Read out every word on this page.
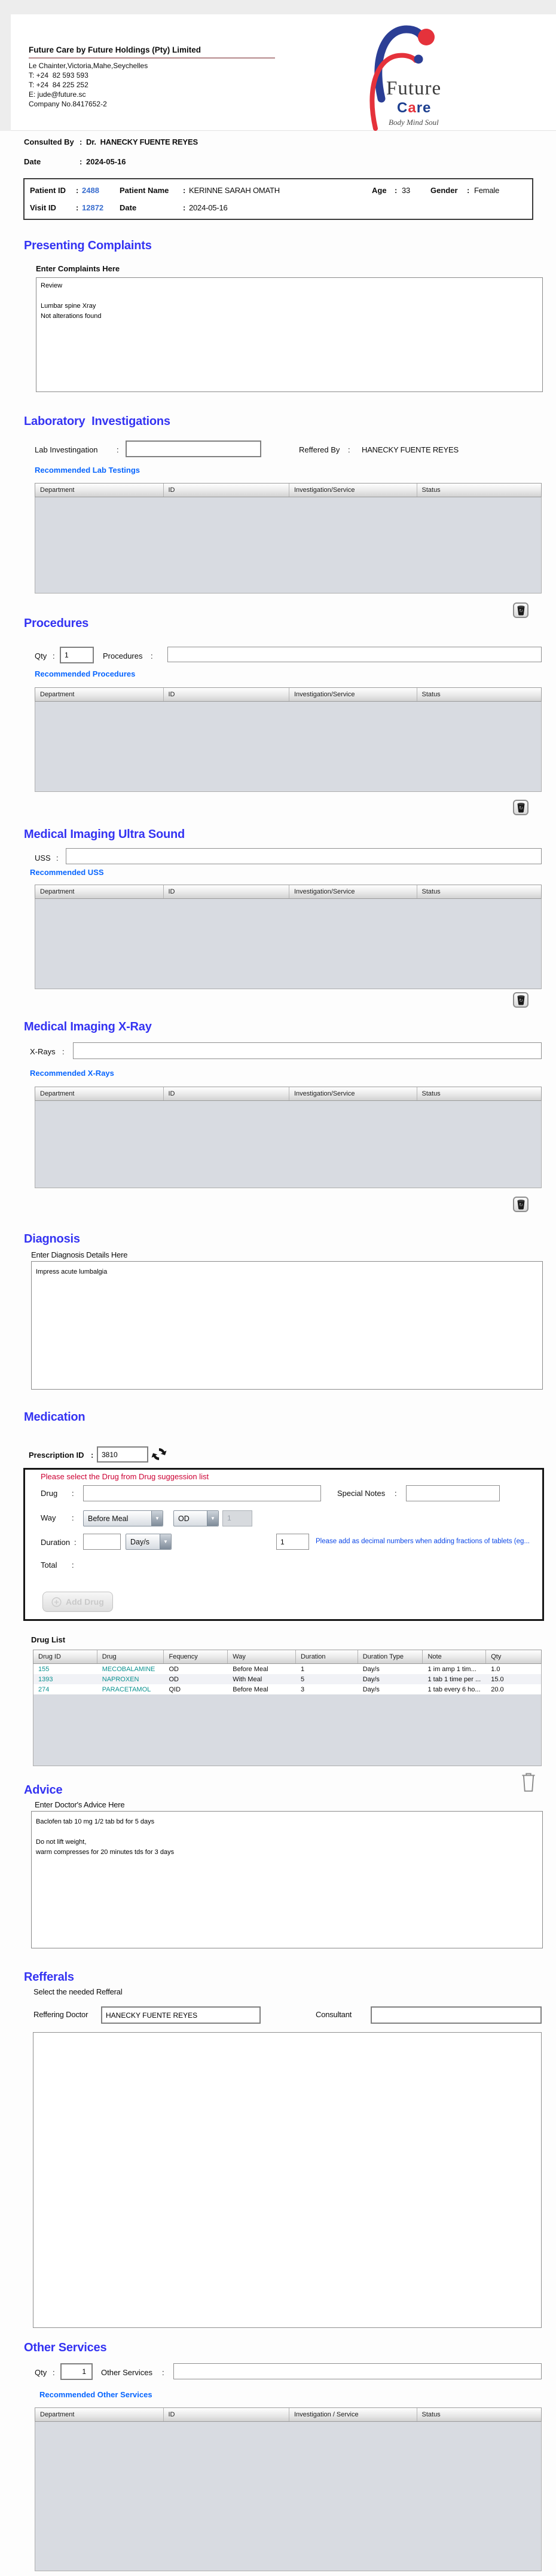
Future Care by Future Holdings (Pty) Limited
Le Chainter,Victoria,Mahe,Seychelles
T: +24  82 593 593
T: +24  84 225 252
E: jude@future.sc
Company No.8417652-2
Future
Care
Body Mind Soul
Consulted By : Dr.  HANECKY FUENTE REYES
Date	: 2024-05-16
Patient ID : 2488	Patient Name : KERINNE SARAH OMATH	Age : 33	Gender : Female
Visit ID	: 12872 Date	: 2024-05-16
Presenting Complaints
Enter Complaints Here
Review Lumbar spine Xray Not alterations found
Laboratory  Investigations
Lab Investingation :	Reffered By : HANECKY FUENTE REYES
Recommended Lab Testings
Department	ID	Investigation/Service	Status
↻
Procedures
Qty :
1	Procedures :
Recommended Procedures
Department	ID	Investigation/Service	Status
↻
Medical Imaging Ultra Sound
USS :
Recommended USS
Department	ID	Investigation/Service	Status
↻
Medical Imaging X-Ray
X-Rays :
Recommended X-Rays
Department	ID	Investigation/Service	Status
↻
Diagnosis
Enter Diagnosis Details Here
Impress acute lumbalgia
Medication
Prescription ID :
3810
Please select the Drug from Drug suggession list
Drug :	Special Notes :
Way :	Before Meal	▼	OD	▼	1
Duration :	Day/s	▼
1	Please add as decimal numbers when adding fractions of tablets (eg...
Total :
Add Drug
Drug List
Drug ID	Drug	Fequency	Way	Duration	Duration Type	Note	Qty
155	MECOBALAMINE	OD	Before Meal	1	Day/s	1 im amp 1 tim...	1.0
1393	NAPROXEN	OD	With Meal	5	Day/s	1 tab 1 time per ...	15.0
274	PARACETAMOL	QID	Before Meal	3	Day/s	1 tab every 6 ho...	20.0
Advice
Enter Doctor's Advice Here
Baclofen tab 10 mg 1/2 tab bd for 5 days Do not lift weight, warm compresses for 20 minutes tds for 3 days
Refferals
Select the needed Refferal
Reffering Doctor
HANECKY FUENTE REYES	Consultant
Other Services
Qty :
1	Other Services :
Recommended Other Services
Department	ID	Investigation / Service	Status
